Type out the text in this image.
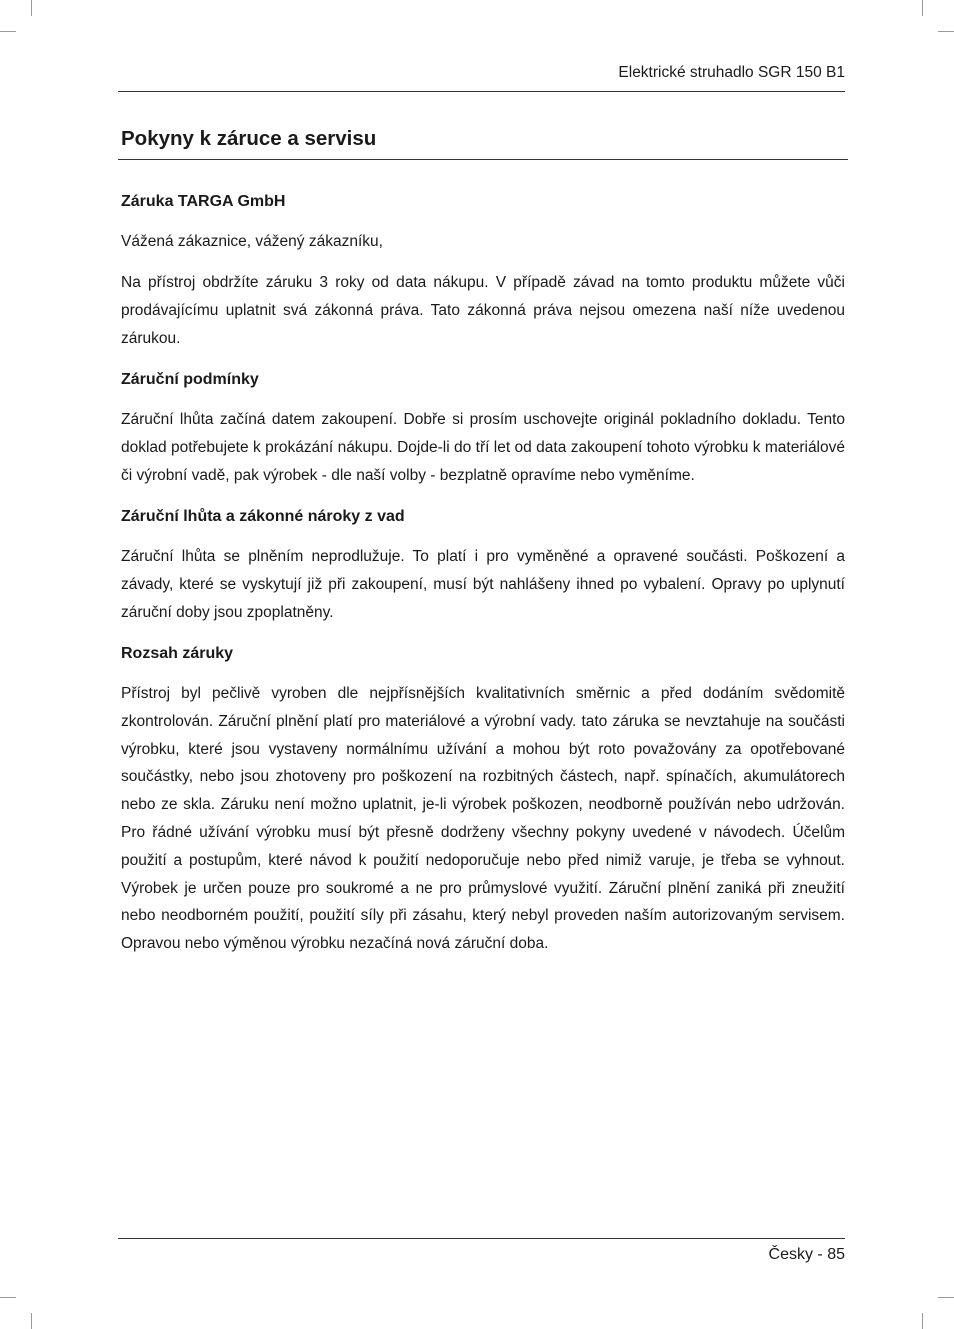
Elektrické struhadlo SGR 150 B1
Pokyny k záruce a servisu
Záruka TARGA GmbH

Vážená zákaznice, vážený zákazníku,

Na přístroj obdržíte záruku 3 roky od data nákupu. V případě závad na tomto produktu můžete vůči prodávajícímu uplatnit svá zákonná práva. Tato zákonná práva nejsou omezena naší níže uvedenou zárukou.

Záruční podmínky

Záruční lhůta začíná datem zakoupení. Dobře si prosím uschovejte originál pokladního dokladu. Tento doklad potřebujete k prokázání nákupu. Dojde-li do tří let od data zakoupení tohoto výrobku k materiálové či výrobní vadě, pak výrobek - dle naší volby - bezplatně opravíme nebo vyměníme.

Záruční lhůta a zákonné nároky z vad

Záruční lhůta se plněním neprodlužuje. To platí i pro vyměněné a opravené součásti. Poškození a závady, které se vyskytují již při zakoupení, musí být nahlášeny ihned po vybalení. Opravy po uplynutí záruční doby jsou zpoplatněny.

Rozsah záruky

Přístroj byl pečlivě vyroben dle nejpřísnějších kvalitativních směrnic a před dodáním svědomitě zkontrolován. Záruční plnění platí pro materiálové a výrobní vady. tato záruka se nevztahuje na součásti výrobku, které jsou vystaveny normálnímu užívání a mohou být roto považovány za opotřebované součástky, nebo jsou zhotoveny pro poškození na rozbitných částech, např. spínačích, akumulátorech nebo ze skla. Záruku není možno uplatnit, je-li výrobek poškozen, neodborně používán nebo udržován. Pro řádné užívání výrobku musí být přesně dodrženy všechny pokyny uvedené v návodech. Účelům použití a postupům, které návod k použití nedoporučuje nebo před nimiž varuje, je třeba se vyhnout. Výrobek je určen pouze pro soukromé a ne pro průmyslové využití. Záruční plnění zaniká při zneužití nebo neodborném použití, použití síly při zásahu, který nebyl proveden naším autorizovaným servisem. Opravou nebo výměnou výrobku nezačíná nová záruční doba.

Česky - 85
